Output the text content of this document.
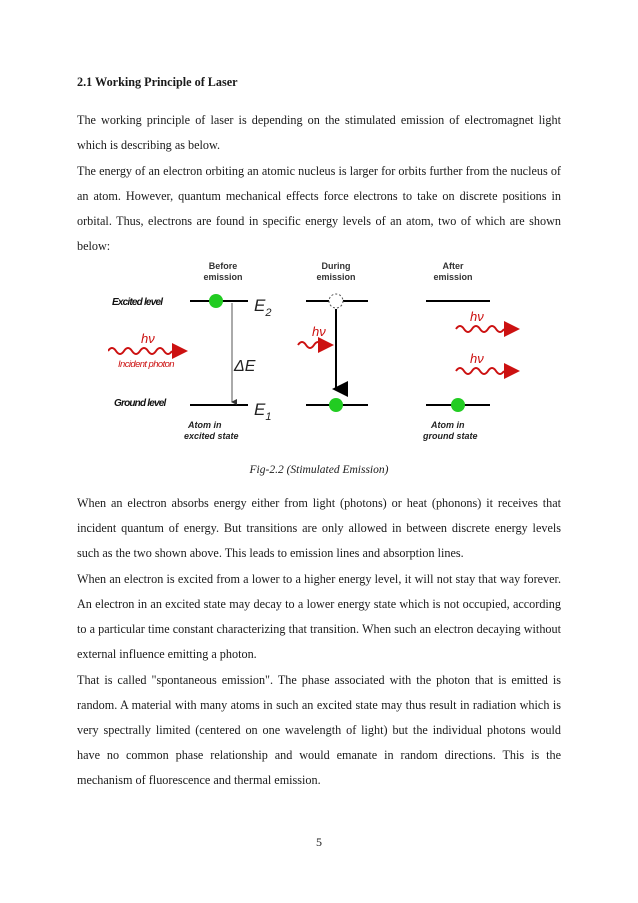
2.1 Working Principle of Laser

The working principle of laser is depending on the stimulated emission of electromagnet light which is describing as below.

The energy of an electron orbiting an atomic nucleus is larger for orbits further from the nucleus of an atom. However, quantum mechanical effects force electrons to take on discrete positions in orbital. Thus, electrons are found in specific energy levels of an atom, two of which are shown below:

Before
emission
During
emission
After
emission
Excited level
Ground level
hν
Incident photon	ΔE
$E_2$
$E_1$
Atom in
excited state
hν
hν
hν
Atom in
ground state
Fig-2.2 (Stimulated Emission)

When an electron absorbs energy either from light (photons) or heat (phonons) it receives that incident quantum of energy. But transitions are only allowed in between discrete energy levels such as the two shown above. This leads to emission lines and absorption lines.

When an electron is excited from a lower to a higher energy level, it will not stay that way forever. An electron in an excited state may decay to a lower energy state which is not occupied, according to a particular time constant characterizing that transition. When such an electron decaying without external influence emitting a photon.

That is called "spontaneous emission". The phase associated with the photon that is emitted is random. A material with many atoms in such an excited state may thus result in radiation which is very spectrally limited (centered on one wavelength of light) but the individual photons would have no common phase relationship and would emanate in random directions. This is the mechanism of fluorescence and thermal emission.

5
